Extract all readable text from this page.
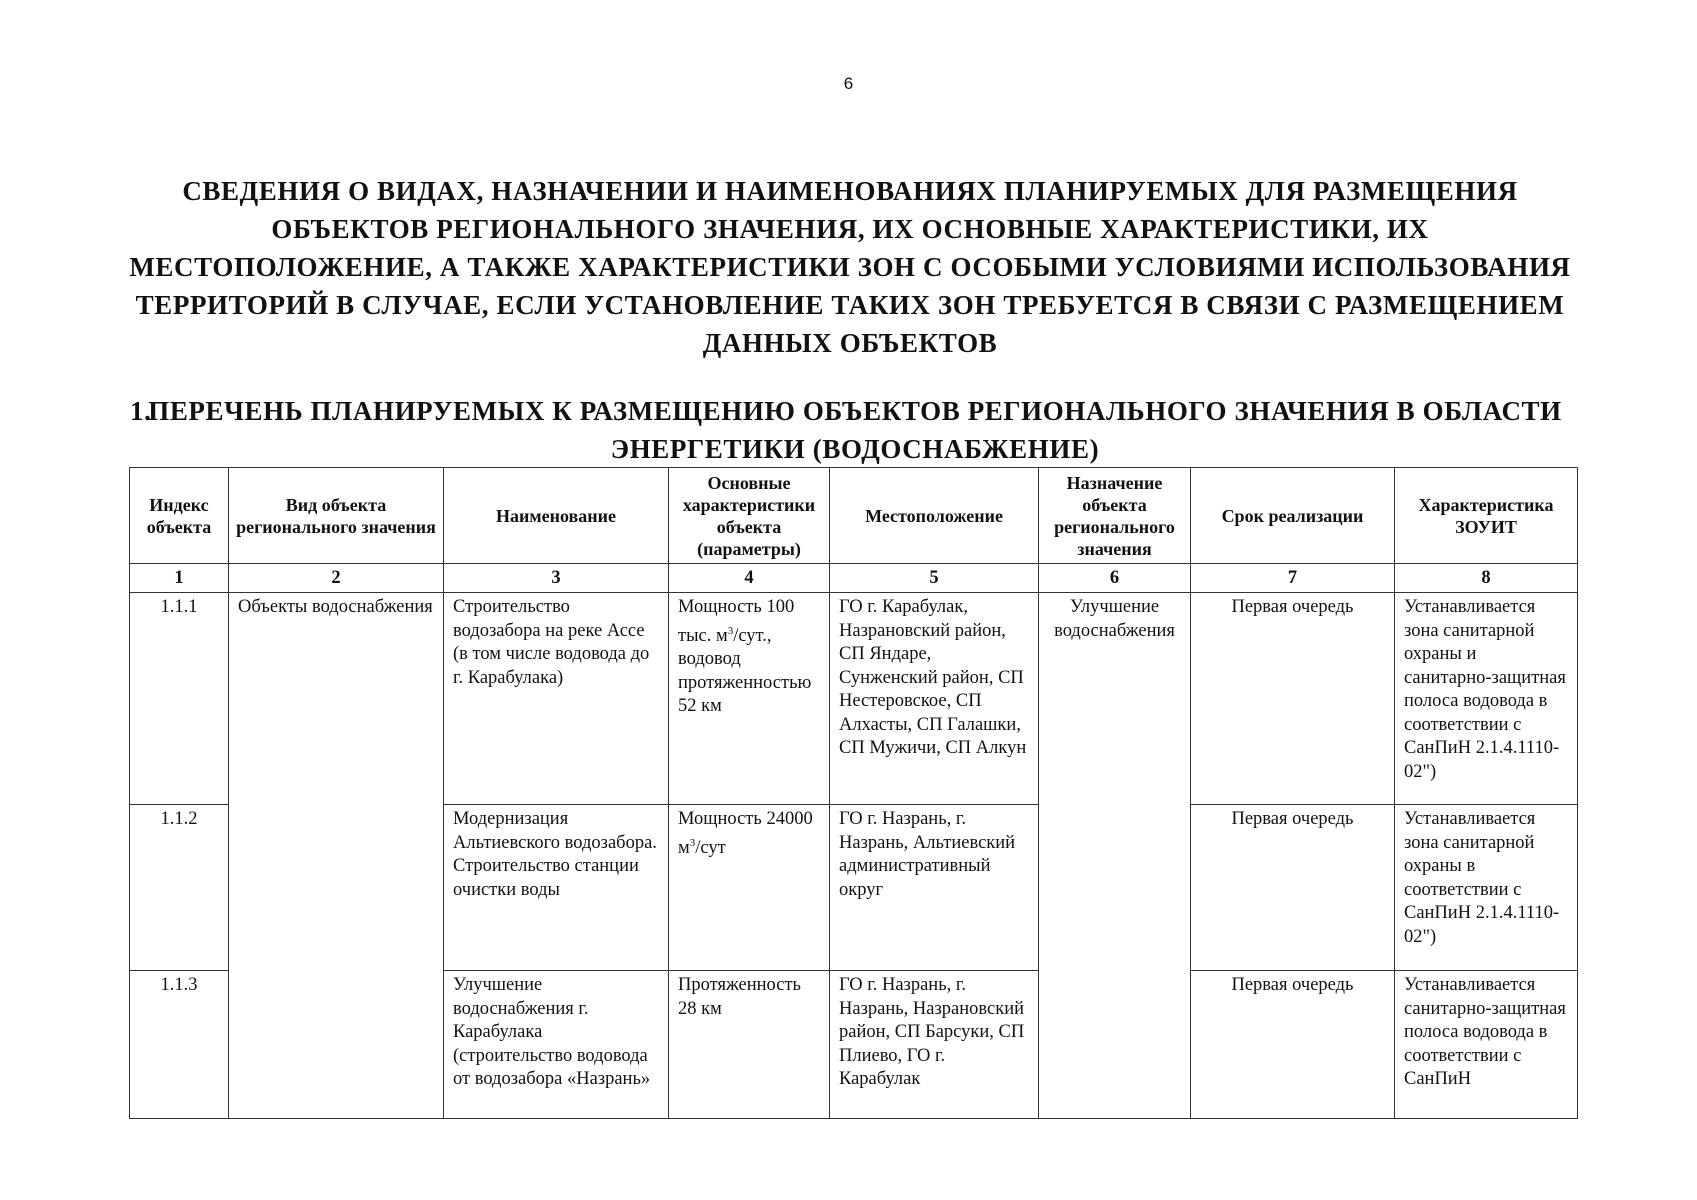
6
СВЕДЕНИЯ О ВИДАХ, НАЗНАЧЕНИИ И НАИМЕНОВАНИЯХ ПЛАНИРУЕМЫХ ДЛЯ РАЗМЕЩЕНИЯ ОБЪЕКТОВ РЕГИОНАЛЬНОГО ЗНАЧЕНИЯ, ИХ ОСНОВНЫЕ ХАРАКТЕРИСТИКИ, ИХ МЕСТОПОЛОЖЕНИЕ, А ТАКЖЕ ХАРАКТЕРИСТИКИ ЗОН С ОСОБЫМИ УСЛОВИЯМИ ИСПОЛЬЗОВАНИЯ ТЕРРИТОРИЙ В СЛУЧАЕ, ЕСЛИ УСТАНОВЛЕНИЕ ТАКИХ ЗОН ТРЕБУЕТСЯ В СВЯЗИ С РАЗМЕЩЕНИЕМ ДАННЫХ ОБЪЕКТОВ
1.
ПЕРЕЧЕНЬ ПЛАНИРУЕМЫХ К РАЗМЕЩЕНИЮ ОБЪЕКТОВ РЕГИОНАЛЬНОГО ЗНАЧЕНИЯ В ОБЛАСТИ ЭНЕРГЕТИКИ (ВОДОСНАБЖЕНИЕ)
Индекс объекта	Вид объекта регионального значения	Наименование	Основные характеристики объекта (параметры)	Местоположение	Назначение объекта регионального значения	Срок реализации	Характеристика ЗОУИТ
1	2	3	4	5	6	7	8
1.1.1	Объекты водоснабжения	Строительство водозабора на реке Ассе (в том числе водовода до г. Карабулака)	Мощность 100 тыс. $м^3$/сут., водовод протяженностью 52 км	ГО г. Карабулак, Назрановский район, СП Яндаре, Сунженский район, СП Нестеровское, СП Алхасты, СП Галашки, СП Мужичи, СП Алкун	Улучшение водоснабжения	Первая очередь	Устанавливается зона санитарной охраны и санитарно-защитная полоса водовода в соответствии с СанПиН 2.1.4.1110-02")
1.1.2		Модернизация Альтиевского водозабора. Строительство станции очистки воды	Мощность 24000 $м^3$/сут	ГО г. Назрань, г. Назрань, Альтиевский административный округ		Первая очередь	Устанавливается зона санитарной охраны в соответствии с СанПиН 2.1.4.1110-02")
1.1.3		Улучшение водоснабжения г. Карабулака (строительство водовода от водозабора «Назрань»	Протяженность 28 км	ГО г. Назрань, г. Назрань, Назрановский район, СП Барсуки, СП Плиево, ГО г. Карабулак		Первая очередь	Устанавливается санитарно-защитная полоса водовода в соответствии с СанПиН
